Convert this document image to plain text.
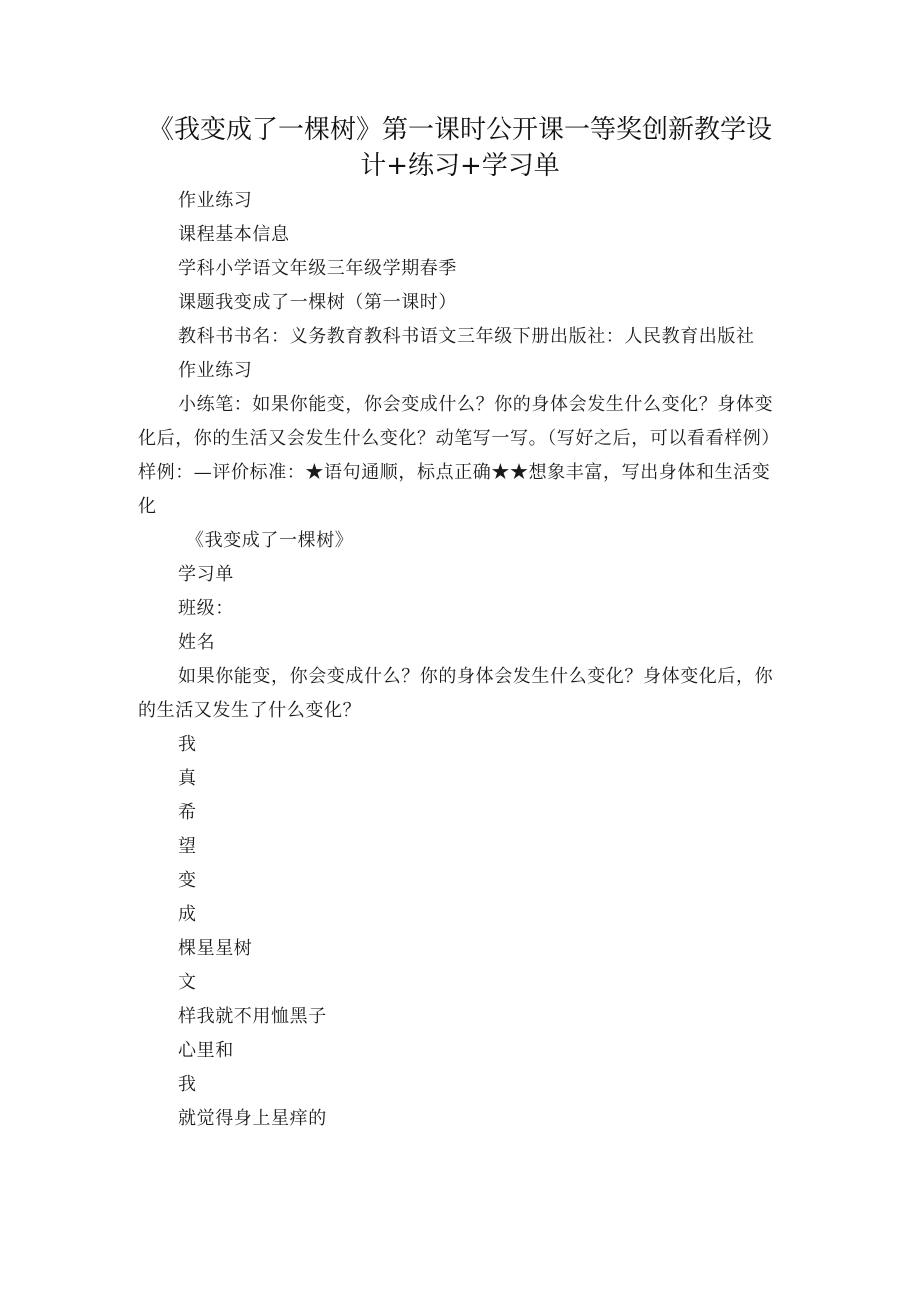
《我变成了一棵树》第一课时公开课一等奖创新教学设
计+练习+学习单

作业练习

课程基本信息

学科小学语文年级三年级学期春季

课题我变成了一棵树（第一课时）

教科书书名：义务教育教科书语文三年级下册出版社：人民教育出版社

作业练习

小练笔：如果你能变，你会变成什么？你的身体会发生什么变化？身体变化后，你的生活又会发生什么变化？动笔写一写。（写好之后，可以看看样例）样例：—评价标准：★语句通顺，标点正确★★想象丰富，写出身体和生活变化

《我变成了一棵树》

学习单

班级：

姓名

如果你能变，你会变成什么？你的身体会发生什么变化？身体变化后，你的生活又发生了什么变化？

我

真

希

望

变

成

棵星星树

文

样我就不用恤黑子

心里和

我

就觉得身上星痒的
